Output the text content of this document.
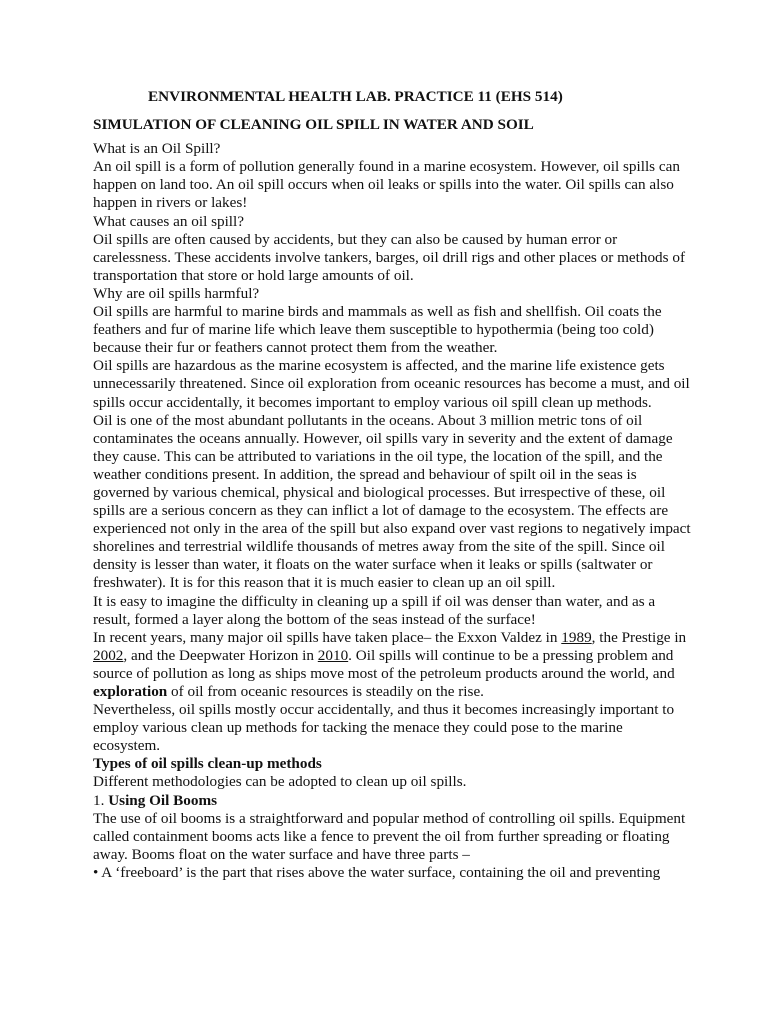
ENVIRONMENTAL HEALTH LAB. PRACTICE 11 (EHS 514)

SIMULATION OF CLEANING OIL SPILL IN WATER AND SOIL

What is an Oil Spill?

An oil spill is a form of pollution generally found in a marine ecosystem. However, oil spills can happen on land too. An oil spill occurs when oil leaks or spills into the water. Oil spills can also happen in rivers or lakes!

What causes an oil spill?

Oil spills are often caused by accidents, but they can also be caused by human error or carelessness. These accidents involve tankers, barges, oil drill rigs and other places or methods of transportation that store or hold large amounts of oil.

Why are oil spills harmful?

Oil spills are harmful to marine birds and mammals as well as fish and shellfish. Oil coats the feathers and fur of marine life which leave them susceptible to hypothermia (being too cold) because their fur or feathers cannot protect them from the weather.

Oil spills are hazardous as the marine ecosystem is affected, and the marine life existence gets unnecessarily threatened. Since oil exploration from oceanic resources has become a must, and oil spills occur accidentally, it becomes important to employ various oil spill clean up methods.

Oil is one of the most abundant pollutants in the oceans. About 3 million metric tons of oil contaminates the oceans annually. However, oil spills vary in severity and the extent of damage they cause. This can be attributed to variations in the oil type, the location of the spill, and the weather conditions present. In addition, the spread and behaviour of spilt oil in the seas is governed by various chemical, physical and biological processes. But irrespective of these, oil spills are a serious concern as they can inflict a lot of damage to the ecosystem. The effects are experienced not only in the area of the spill but also expand over vast regions to negatively impact shorelines and terrestrial wildlife thousands of metres away from the site of the spill. Since oil density is lesser than water, it floats on the water surface when it leaks or spills (saltwater or freshwater). It is for this reason that it is much easier to clean up an oil spill.

It is easy to imagine the difficulty in cleaning up a spill if oil was denser than water, and as a result, formed a layer along the bottom of the seas instead of the surface!

In recent years, many major oil spills have taken place– the Exxon Valdez in 1989, the Prestige in 2002, and the Deepwater Horizon in 2010. Oil spills will continue to be a pressing problem and source of pollution as long as ships move most of the petroleum products around the world, and exploration of oil from oceanic resources is steadily on the rise.

Nevertheless, oil spills mostly occur accidentally, and thus it becomes increasingly important to employ various clean up methods for tacking the menace they could pose to the marine ecosystem.

Types of oil spills clean-up methods

Different methodologies can be adopted to clean up oil spills.

1. Using Oil Booms

The use of oil booms is a straightforward and popular method of controlling oil spills. Equipment called containment booms acts like a fence to prevent the oil from further spreading or floating away. Booms float on the water surface and have three parts –

• A ‘freeboard’ is the part that rises above the water surface, containing the oil and preventing
